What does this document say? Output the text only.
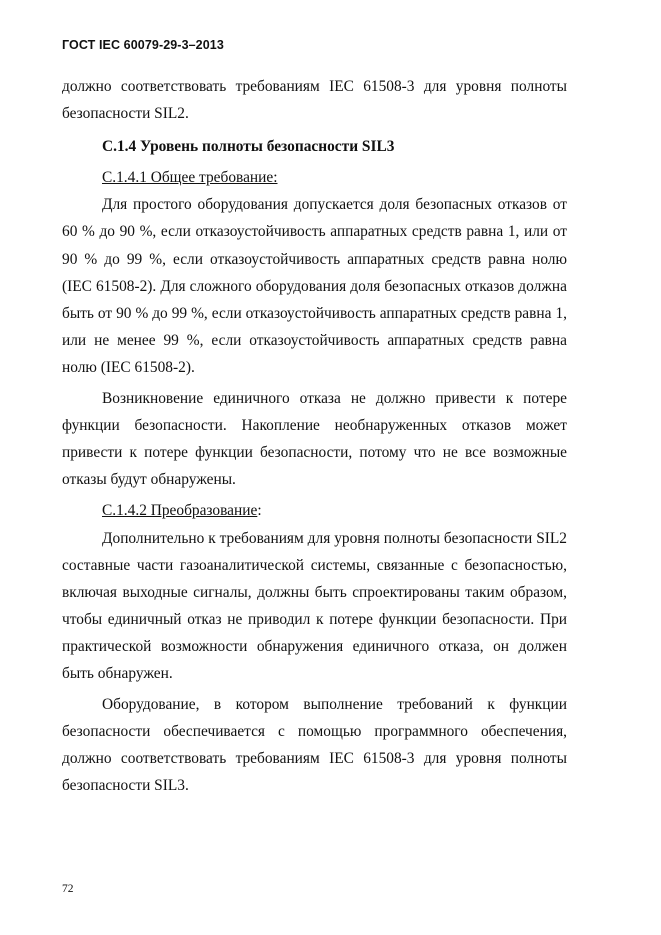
ГОСТ IEC 60079-29-3–2013

должно соответствовать требованиям IEC 61508-3 для уровня полноты безопасности SIL2.

С.1.4 Уровень полноты безопасности SIL3

С.1.4.1 Общее требование:

Для простого оборудования допускается доля безопасных отказов от 60 % до 90 %, если отказоустойчивость аппаратных средств равна 1, или от 90 % до 99 %, если отказоустойчивость аппаратных средств равна нолю (IEC 61508-2). Для сложного оборудования доля безопасных отказов должна быть от 90 % до 99 %, если отказоустойчивость аппаратных средств равна 1, или не менее 99 %, если отказоустойчивость аппаратных средств равна нолю (IEC 61508-2).

Возникновение единичного отказа не должно привести к потере функции безопасности. Накопление необнаруженных отказов может привести к потере функции безопасности, потому что не все возможные отказы будут обнаружены.

С.1.4.2 Преобразование:

Дополнительно к требованиям для уровня полноты безопасности SIL2 составные части газоаналитической системы, связанные с безопасностью, включая выходные сигналы, должны быть спроектированы таким образом, чтобы единичный отказ не приводил к потере функции безопасности. При практической возможности обнаружения единичного отказа, он должен быть обнаружен.

Оборудование, в котором выполнение требований к функции безопасности обеспечивается с помощью программного обеспечения, должно соответствовать требованиям IEC 61508-3 для уровня полноты безопасности SIL3.

72
